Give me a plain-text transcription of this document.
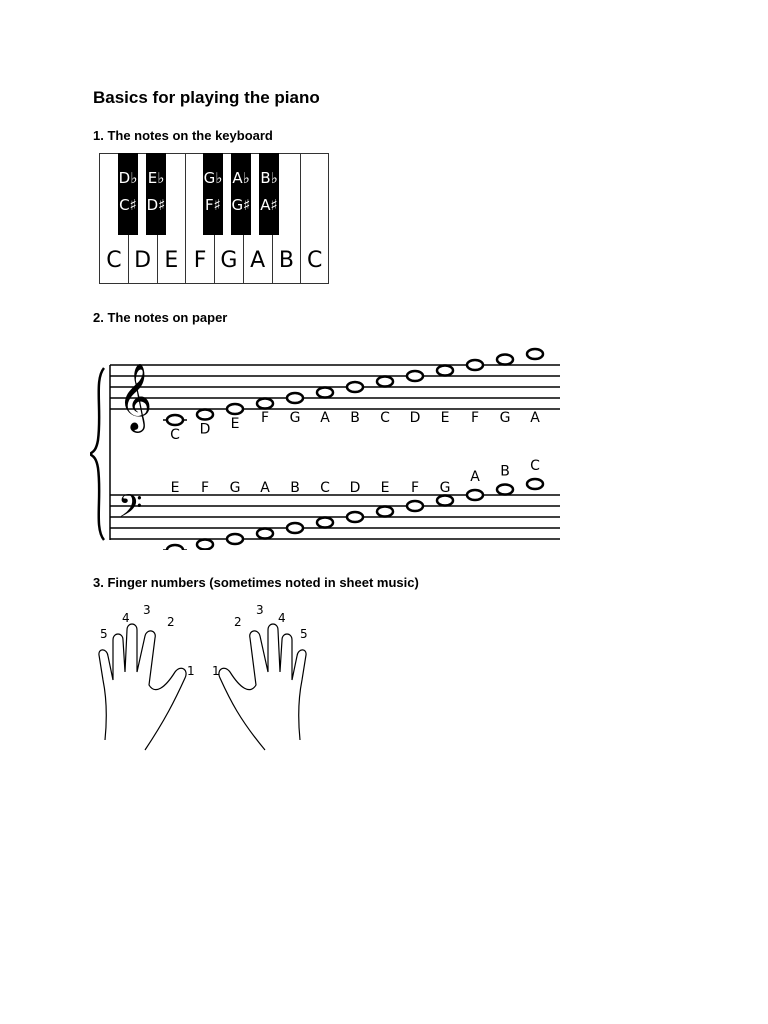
Basics for playing the piano
1. The notes on the keyboard
C D E F G A B C
D♭
C♯
E♭
D♯
G♭
F♯
A♭
G♯
B♭
A♯
2. The notes on paper
𝄞
𝄢
C D E F G A B C D E F G A
E F G A B C D E F G
A B C
3. Finger numbers (sometimes noted in sheet music)
5
4
3
2
1 1
2
3
4
5
